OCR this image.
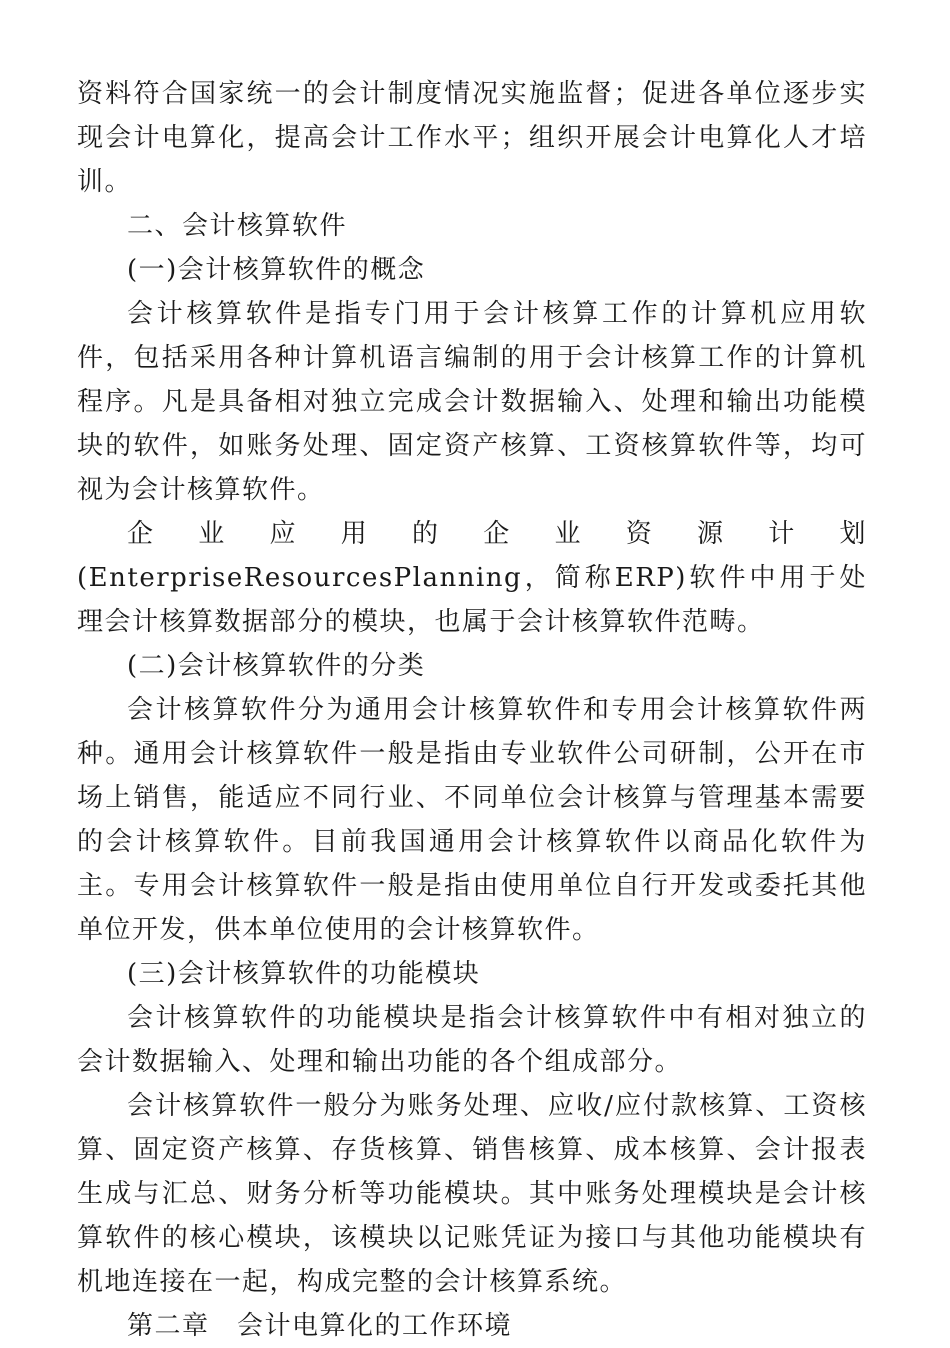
资料符合国家统一的会计制度情况实施监督；促进各单位逐步实现会计电算化，提高会计工作水平；组织开展会计电算化人才培训。

二、会计核算软件

(一)会计核算软件的概念

会计核算软件是指专门用于会计核算工作的计算机应用软件，包括采用各种计算机语言编制的用于会计核算工作的计算机程序。凡是具备相对独立完成会计数据输入、处理和输出功能模块的软件，如账务处理、固定资产核算、工资核算软件等，均可视为会计核算软件。

企业应用的企业资源计划(EnterpriseResourcesPlanning，简称ERP)软件中用于处理会计核算数据部分的模块，也属于会计核算软件范畴。

(二)会计核算软件的分类

会计核算软件分为通用会计核算软件和专用会计核算软件两种。通用会计核算软件一般是指由专业软件公司研制，公开在市场上销售，能适应不同行业、不同单位会计核算与管理基本需要的会计核算软件。目前我国通用会计核算软件以商品化软件为主。专用会计核算软件一般是指由使用单位自行开发或委托其他单位开发，供本单位使用的会计核算软件。

(三)会计核算软件的功能模块

会计核算软件的功能模块是指会计核算软件中有相对独立的会计数据输入、处理和输出功能的各个组成部分。

会计核算软件一般分为账务处理、应收/应付款核算、工资核算、固定资产核算、存货核算、销售核算、成本核算、会计报表生成与汇总、财务分析等功能模块。其中账务处理模块是会计核算软件的核心模块，该模块以记账凭证为接口与其他功能模块有机地连接在一起，构成完整的会计核算系统。

第二章　会计电算化的工作环境
